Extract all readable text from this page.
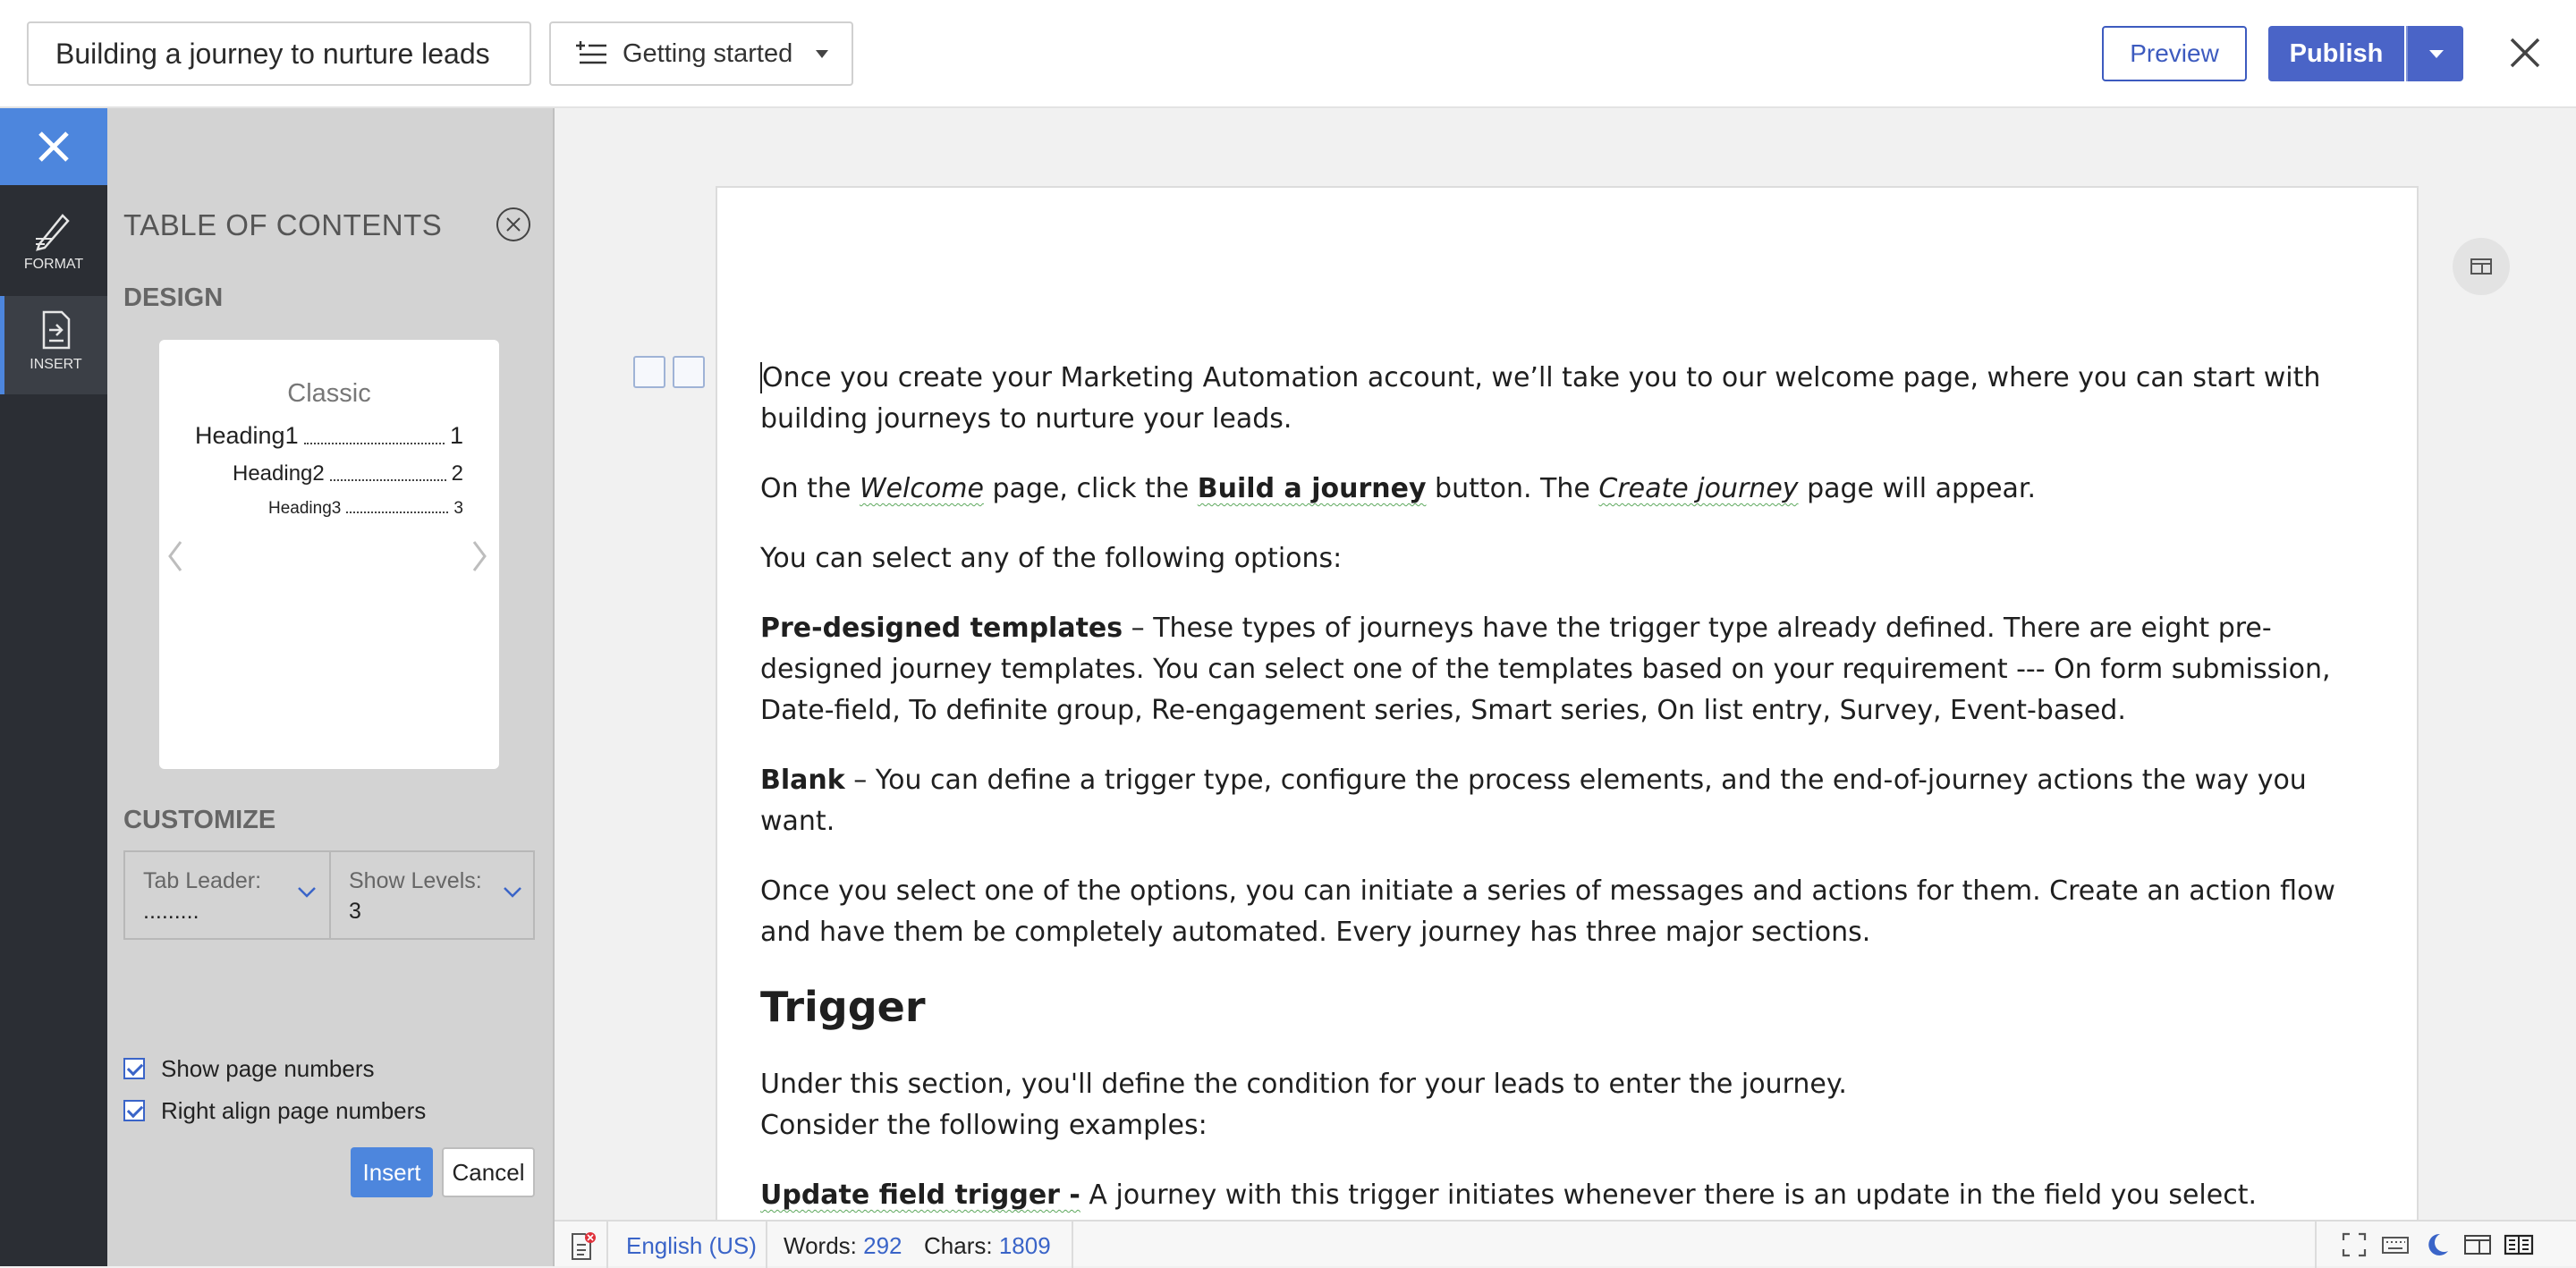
Building a journey to nurture leads	Getting started	Preview	Publish
FORMAT
INSERT
TABLE OF CONTENTS
DESIGN
Classic
Heading1	1
Heading2	2
Heading3	3
CUSTOMIZE
Tab Leader:
.........
Show Levels:
3
Show page numbers
Right align page numbers
Insert	Cancel

Once you create your Marketing Automation account, we’ll take you to our welcome page, where you can start with building journeys to nurture your leads.

On the Welcome page, click the Build a journey button. The Create journey page will appear.

You can select any of the following options:

Pre-designed templates – These types of journeys have the trigger type already defined. There are eight pre-designed journey templates. You can select one of the templates based on your requirement --- On form submission, Date-field, To definite group, Re-engagement series, Smart series, On list entry, Survey, Event-based.

Blank – You can define a trigger type, configure the process elements, and the end-of-journey actions the way you want.

Once you select one of the options, you can initiate a series of messages and actions for them. Create an action flow and have them be completely automated. Every journey has three major sections.

Trigger

Under this section, you'll define the condition for your leads to enter the journey.
Consider the following examples:

Update field trigger - A journey with this trigger initiates whenever there is an update in the field you select.

English (US) Words: 292 Chars: 1809
